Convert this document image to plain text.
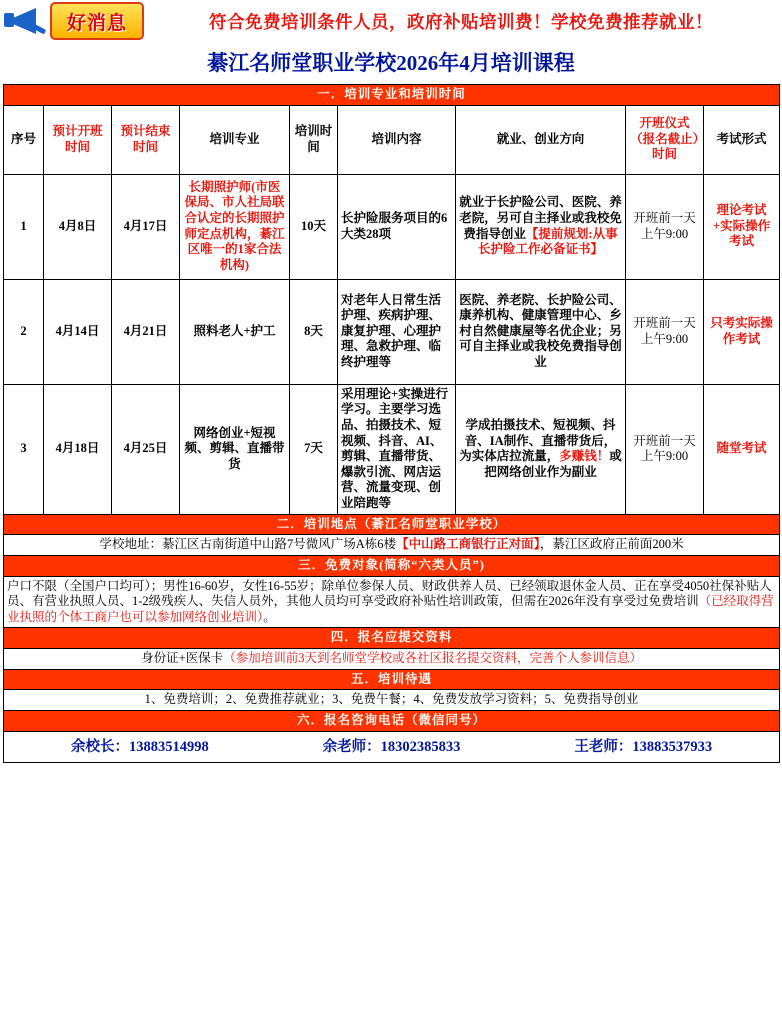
好消息	符合免费培训条件人员，政府补贴培训费！学校免费推荐就业！
綦江名师堂职业学校2026年4月培训课程
一．培训专业和培训时间								
序号	预计开班时间	预计结束时间	培训专业	培训时间	培训内容	就业、创业方向	开班仪式（报名截止）时间	考试形式
1	4月8日	4月17日	长期照护师(市医保局、市人社局联合认定的长期照护师定点机构，綦江区唯一的1家合法机构)	10天	长护险服务项目的6大类28项	就业于长护险公司、医院、养老院，另可自主择业或我校免费指导创业【提前规划:从事长护险工作必备证书】	开班前一天上午9:00	理论考试+实际操作考试
2	4月14日	4月21日	照料老人+护工	8天	对老年人日常生活护理、疾病护理、康复护理、心理护理、急救护理、临终护理等	医院、养老院、长护险公司、康养机构、健康管理中心、乡村自然健康屋等名优企业；另可自主择业或我校免费指导创业	开班前一天上午9:00	只考实际操作考试
3	4月18日	4月25日	网络创业+短视频、剪辑、直播带货	7天	采用理论+实操进行学习。主要学习选品、拍摄技术、短视频、抖音、AI、剪辑、直播带货、爆款引流、网店运营、流量变现、创业陪跑等	学成拍摄技术、短视频、抖音、IA制作、直播带货后，为实体店拉流量，多赚钱！或把网络创业作为副业	开班前一天上午9:00	随堂考试
二．培训地点（綦江名师堂职业学校）								
学校地址：綦江区古南街道中山路7号微风广场A栋6楼【中山路工商银行正对面】，綦江区政府正前面200米								
三．免费对象(简称“六类人员”)								
户口不限（全国户口均可）；男性16-60岁，女性16-55岁；除单位参保人员、财政供养人员、已经领取退休金人员、正在享受4050社保补贴人员、有营业执照人员、1-2级残疾人、失信人员外，其他人员均可享受政府补贴性培训政策，但需在2026年没有享受过免费培训（已经取得营业执照的个体工商户也可以参加网络创业培训）。								
四．报名应提交资料								
身份证+医保卡（参加培训前3天到名师堂学校或各社区报名提交资料，完善个人参训信息）								
五．培训待遇								
1、免费培训；2、免费推荐就业；3、免费午餐；4、免费发放学习资料；5、免费指导创业								
六．报名咨询电话（微信同号）								

余校长：13883514998 余老师：18302385833 王老师：13883537933								
